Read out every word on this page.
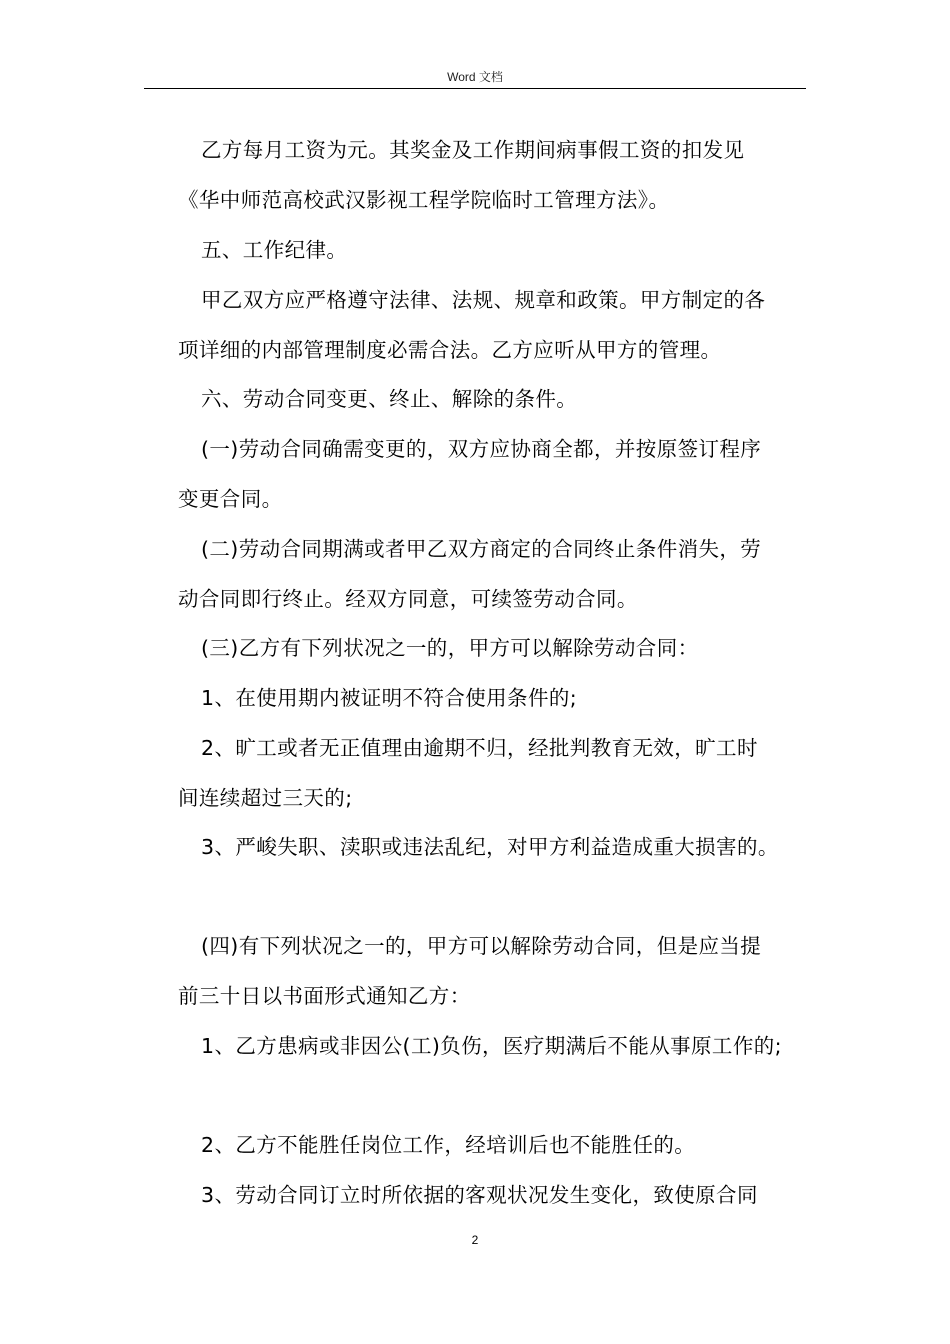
Word 文档
乙方每月工资为元。其奖金及工作期间病事假工资的扣发见
《华中师范高校武汉影视工程学院临时工管理方法》。
五、工作纪律。
甲乙双方应严格遵守法律、法规、规章和政策。甲方制定的各
项详细的内部管理制度必需合法。乙方应听从甲方的管理。
六、劳动合同变更、终止、解除的条件。
(一)劳动合同确需变更的，双方应协商全都，并按原签订程序
变更合同。
(二)劳动合同期满或者甲乙双方商定的合同终止条件消失，劳
动合同即行终止。经双方同意，可续签劳动合同。
(三)乙方有下列状况之一的，甲方可以解除劳动合同：
1、在使用期内被证明不符合使用条件的;
2、旷工或者无正值理由逾期不归，经批判教育无效，旷工时
间连续超过三天的;
3、严峻失职、渎职或违法乱纪，对甲方利益造成重大损害的。
(四)有下列状况之一的，甲方可以解除劳动合同，但是应当提
前三十日以书面形式通知乙方：
1、乙方患病或非因公(工)负伤，医疗期满后不能从事原工作的;
2、乙方不能胜任岗位工作，经培训后也不能胜任的。
3、劳动合同订立时所依据的客观状况发生变化，致使原合同
2
